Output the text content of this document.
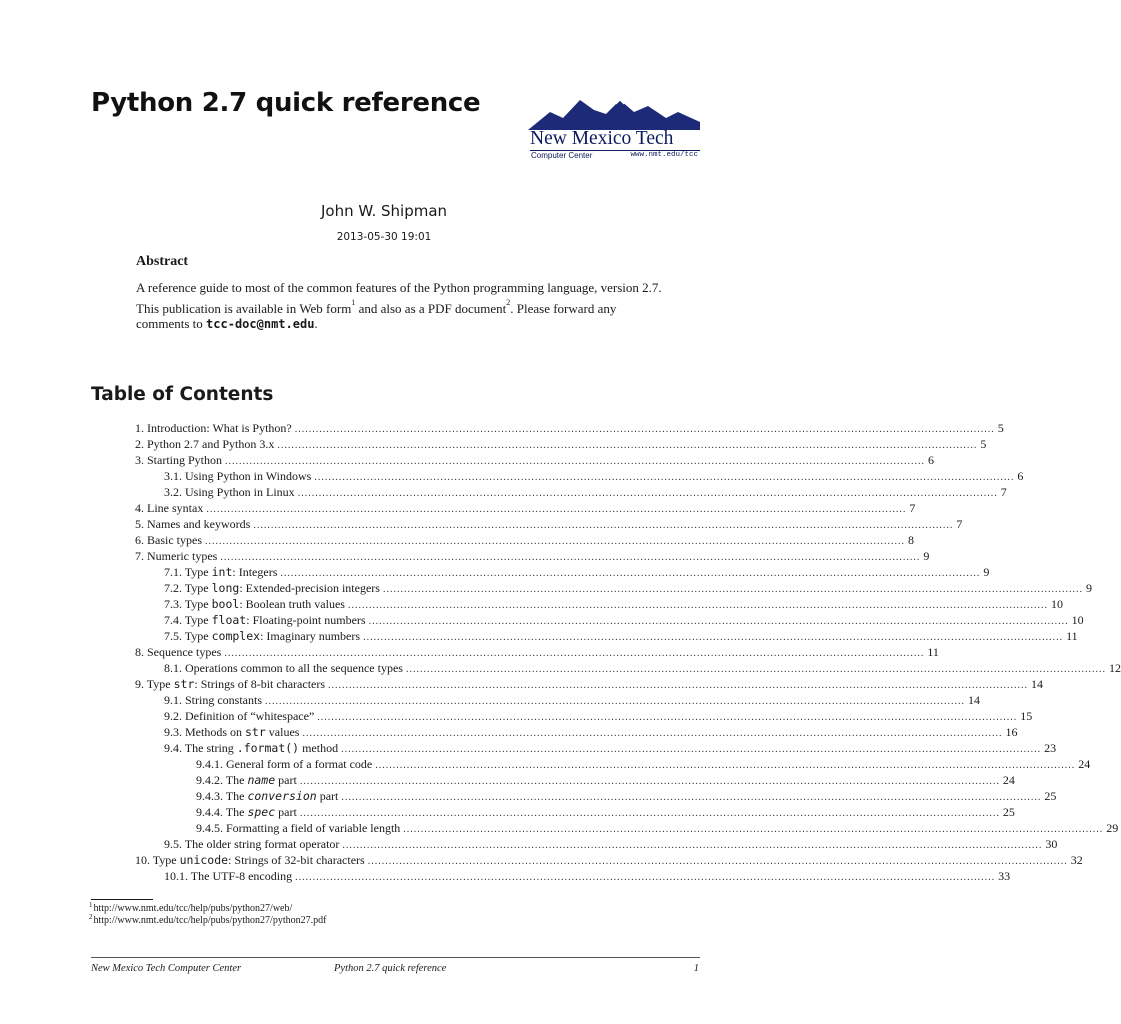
Python 2.7 quick reference
New Mexico Tech
Computer Center	www.nmt.edu/tcc
John W. Shipman
2013-05-30 19:01
Abstract

A reference guide to most of the common features of the Python programming language, version 2.7.

This publication is available in Web form$^1$ and also as a PDF document$^2$. Please forward any comments to tcc-doc@nmt.edu.

Table of Contents
1. Introduction: What is Python? ........................................................................................................................................................................................................ 5
2. Python 2.7 and Python 3.x ........................................................................................................................................................................................................ 5
3. Starting Python ........................................................................................................................................................................................................ 6
3.1. Using Python in Windows ........................................................................................................................................................................................................ 6
3.2. Using Python in Linux ........................................................................................................................................................................................................ 7
4. Line syntax ........................................................................................................................................................................................................ 7
5. Names and keywords ........................................................................................................................................................................................................ 7
6. Basic types ........................................................................................................................................................................................................ 8
7. Numeric types ........................................................................................................................................................................................................ 9
7.1. Type int: Integers ........................................................................................................................................................................................................ 9
7.2. Type long: Extended-precision integers ........................................................................................................................................................................................................ 9
7.3. Type bool: Boolean truth values ........................................................................................................................................................................................................ 10
7.4. Type float: Floating-point numbers ........................................................................................................................................................................................................ 10
7.5. Type complex: Imaginary numbers ........................................................................................................................................................................................................ 11
8. Sequence types ........................................................................................................................................................................................................ 11
8.1. Operations common to all the sequence types ........................................................................................................................................................................................................ 12
9. Type str: Strings of 8-bit characters ........................................................................................................................................................................................................ 14
9.1. String constants ........................................................................................................................................................................................................ 14
9.2. Definition of “whitespace” ........................................................................................................................................................................................................ 15
9.3. Methods on str values ........................................................................................................................................................................................................ 16
9.4. The string .format() method ........................................................................................................................................................................................................ 23
9.4.1. General form of a format code ........................................................................................................................................................................................................ 24
9.4.2. The name part ........................................................................................................................................................................................................ 24
9.4.3. The conversion part ........................................................................................................................................................................................................ 25
9.4.4. The spec part ........................................................................................................................................................................................................ 25
9.4.5. Formatting a field of variable length ........................................................................................................................................................................................................ 29
9.5. The older string format operator ........................................................................................................................................................................................................ 30
10. Type unicode: Strings of 32-bit characters ........................................................................................................................................................................................................ 32
10.1. The UTF-8 encoding ........................................................................................................................................................................................................ 33
$^1$http://www.nmt.edu/tcc/help/pubs/python27/web/
$^2$http://www.nmt.edu/tcc/help/pubs/python27/python27.pdf
New Mexico Tech Computer Center	Python 2.7 quick reference	1
